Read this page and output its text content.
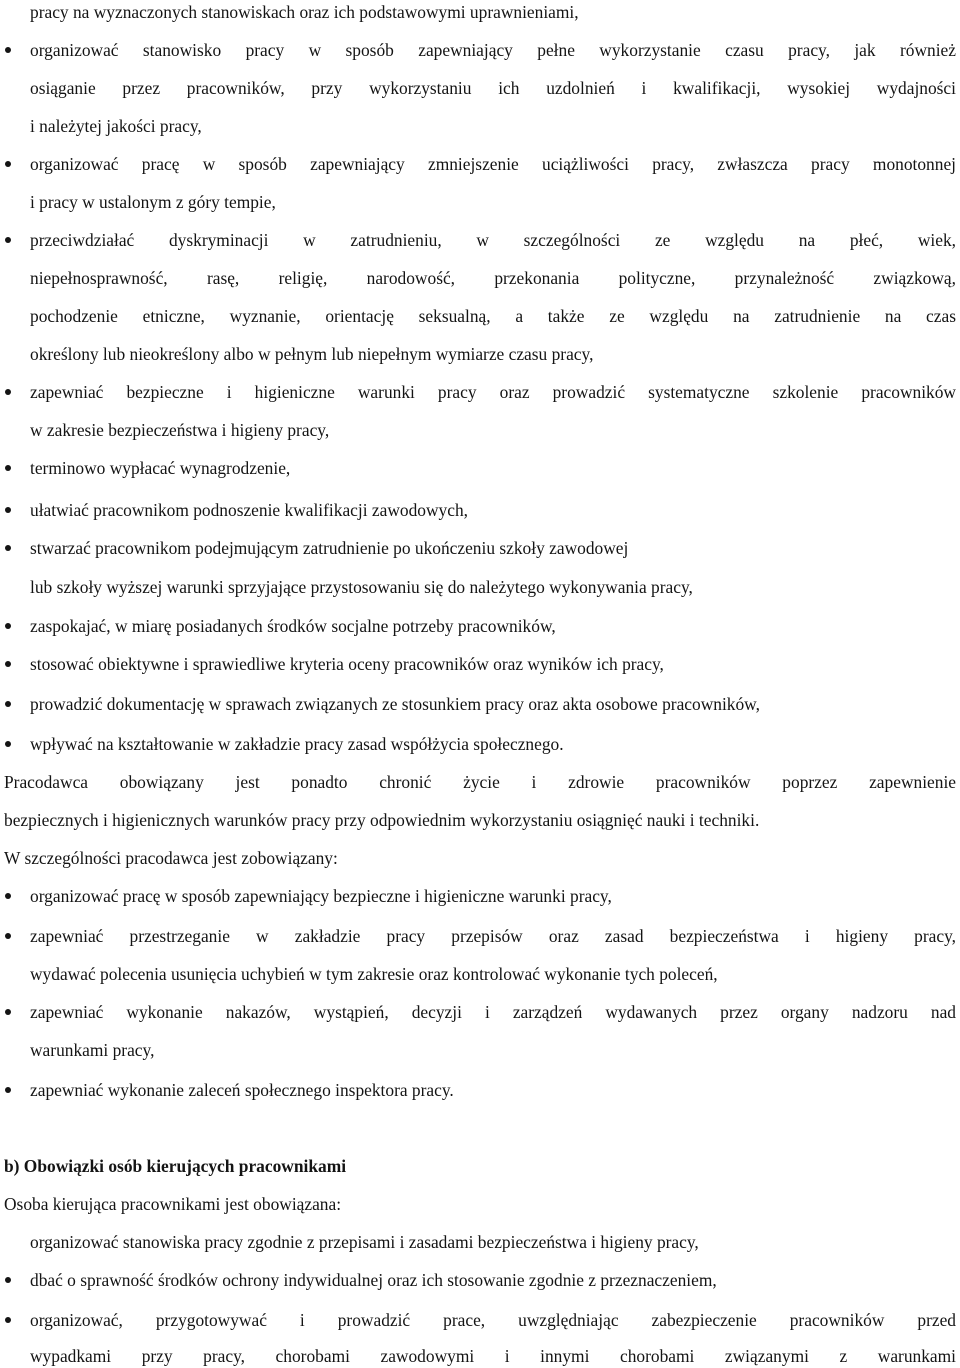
pracy na wyznaczonych stanowiskach oraz ich podstawowymi uprawnieniami,
organizować stanowisko pracy w sposób zapewniający pełne wykorzystanie czasu pracy, jak również
osiąganie przez pracowników, przy wykorzystaniu ich uzdolnień i kwalifikacji, wysokiej wydajności
i należytej jakości pracy,
organizować pracę w sposób zapewniający zmniejszenie uciążliwości pracy, zwłaszcza pracy monotonnej
i pracy w ustalonym z góry tempie,
przeciwdziałać dyskryminacji w zatrudnieniu, w szczególności ze względu na płeć, wiek,
niepełnosprawność, rasę, religię, narodowość, przekonania polityczne, przynależność związkową,
pochodzenie etniczne, wyznanie, orientację seksualną, a także ze względu na zatrudnienie na czas
określony lub nieokreślony albo w pełnym lub niepełnym wymiarze czasu pracy,
zapewniać bezpieczne i higieniczne warunki pracy oraz prowadzić systematyczne szkolenie pracowników
w zakresie bezpieczeństwa i higieny pracy,
terminowo wypłacać wynagrodzenie,
ułatwiać pracownikom podnoszenie kwalifikacji zawodowych,
stwarzać pracownikom podejmującym zatrudnienie po ukończeniu szkoły zawodowej
lub szkoły wyższej warunki sprzyjające przystosowaniu się do należytego wykonywania pracy,
zaspokajać, w miarę posiadanych środków socjalne potrzeby pracowników,
stosować obiektywne i sprawiedliwe kryteria oceny pracowników oraz wyników ich pracy,
prowadzić dokumentację w sprawach związanych ze stosunkiem pracy oraz akta osobowe pracowników,
wpływać na kształtowanie w zakładzie pracy zasad współżycia społecznego.
Pracodawca obowiązany jest ponadto chronić życie i zdrowie pracowników poprzez zapewnienie
bezpiecznych i higienicznych warunków pracy przy odpowiednim wykorzystaniu osiągnięć nauki i techniki.
W szczególności pracodawca jest zobowiązany:
organizować pracę w sposób zapewniający bezpieczne i higieniczne warunki pracy,
zapewniać przestrzeganie w zakładzie pracy przepisów oraz zasad bezpieczeństwa i higieny pracy,
wydawać polecenia usunięcia uchybień w tym zakresie oraz kontrolować wykonanie tych poleceń,
zapewniać wykonanie nakazów, wystąpień, decyzji i zarządzeń wydawanych przez organy nadzoru nad
warunkami pracy,
zapewniać wykonanie zaleceń społecznego inspektora pracy.
b) Obowiązki osób kierujących pracownikami
Osoba kierująca pracownikami jest obowiązana:
organizować stanowiska pracy zgodnie z przepisami i zasadami bezpieczeństwa i higieny pracy,
dbać o sprawność środków ochrony indywidualnej oraz ich stosowanie zgodnie z przeznaczeniem,
organizować, przygotowywać i prowadzić prace, uwzględniając zabezpieczenie pracowników przed
wypadkami przy pracy, chorobami zawodowymi i innymi chorobami związanymi z warunkami
